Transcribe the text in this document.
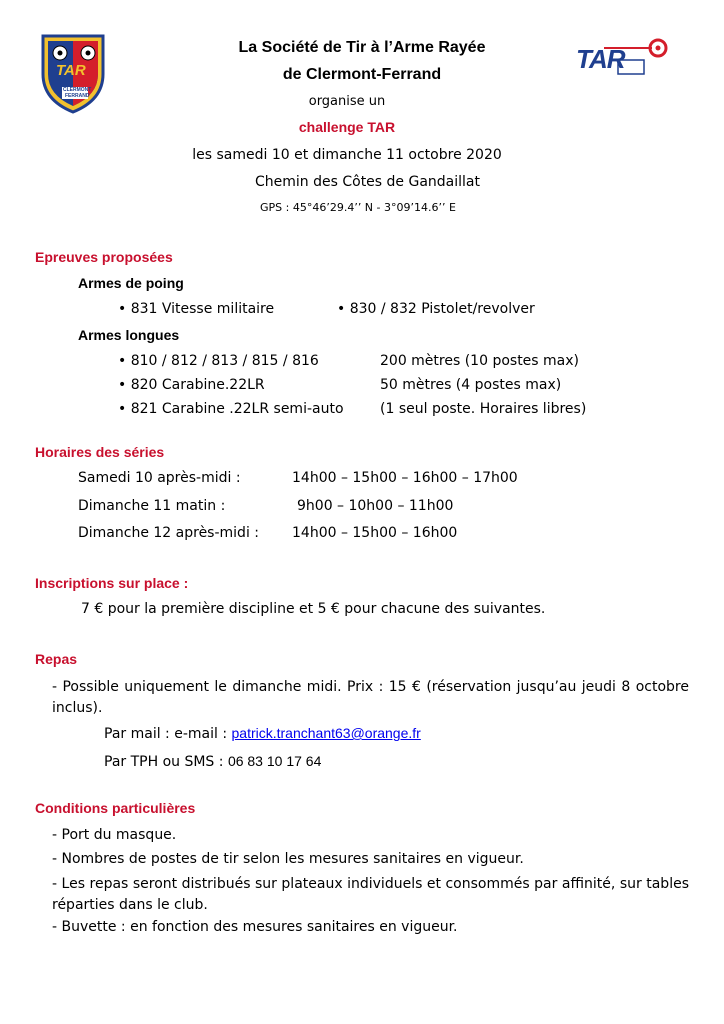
TAR
CLERMONT
FERRAND
TAR
La Société de Tir à l’Arme Rayée
de Clermont-Ferrand
organise un
challenge TAR
les samedi 10 et dimanche 11 octobre 2020
Chemin des Côtes de Gandaillat
GPS : 45°46’29.4’’ N - 3°09’14.6’’ E
Epreuves proposées
Armes de poing
• 831 Vitesse militaire	• 830 / 832 Pistolet/revolver
Armes longues
• 810 / 812 / 813 / 815 / 816	200 mètres (10 postes max)
• 820 Carabine.22LR	50 mètres (4 postes max)
• 821 Carabine .22LR semi-auto	(1 seul poste. Horaires libres)
Horaires des séries
Samedi 10 après-midi :	14h00 – 15h00 – 16h00 – 17h00
Dimanche 11 matin :	9h00 – 10h00 – 11h00
Dimanche 12 après-midi : 14h00 – 15h00 – 16h00
Inscriptions sur place :
7 € pour la première discipline et 5 € pour chacune des suivantes.
Repas
- Possible uniquement le dimanche midi. Prix : 15 € (réservation jusqu’au jeudi 8 octobre inclus).
Par mail : e-mail : patrick.tranchant63@orange.fr
Par TPH ou SMS : 06 83 10 17 64
Conditions particulières
- Port du masque.
- Nombres de postes de tir selon les mesures sanitaires en vigueur.
- Les repas seront distribués sur plateaux individuels et consommés par affinité, sur tables réparties dans le club.
- Buvette : en fonction des mesures sanitaires en vigueur.
